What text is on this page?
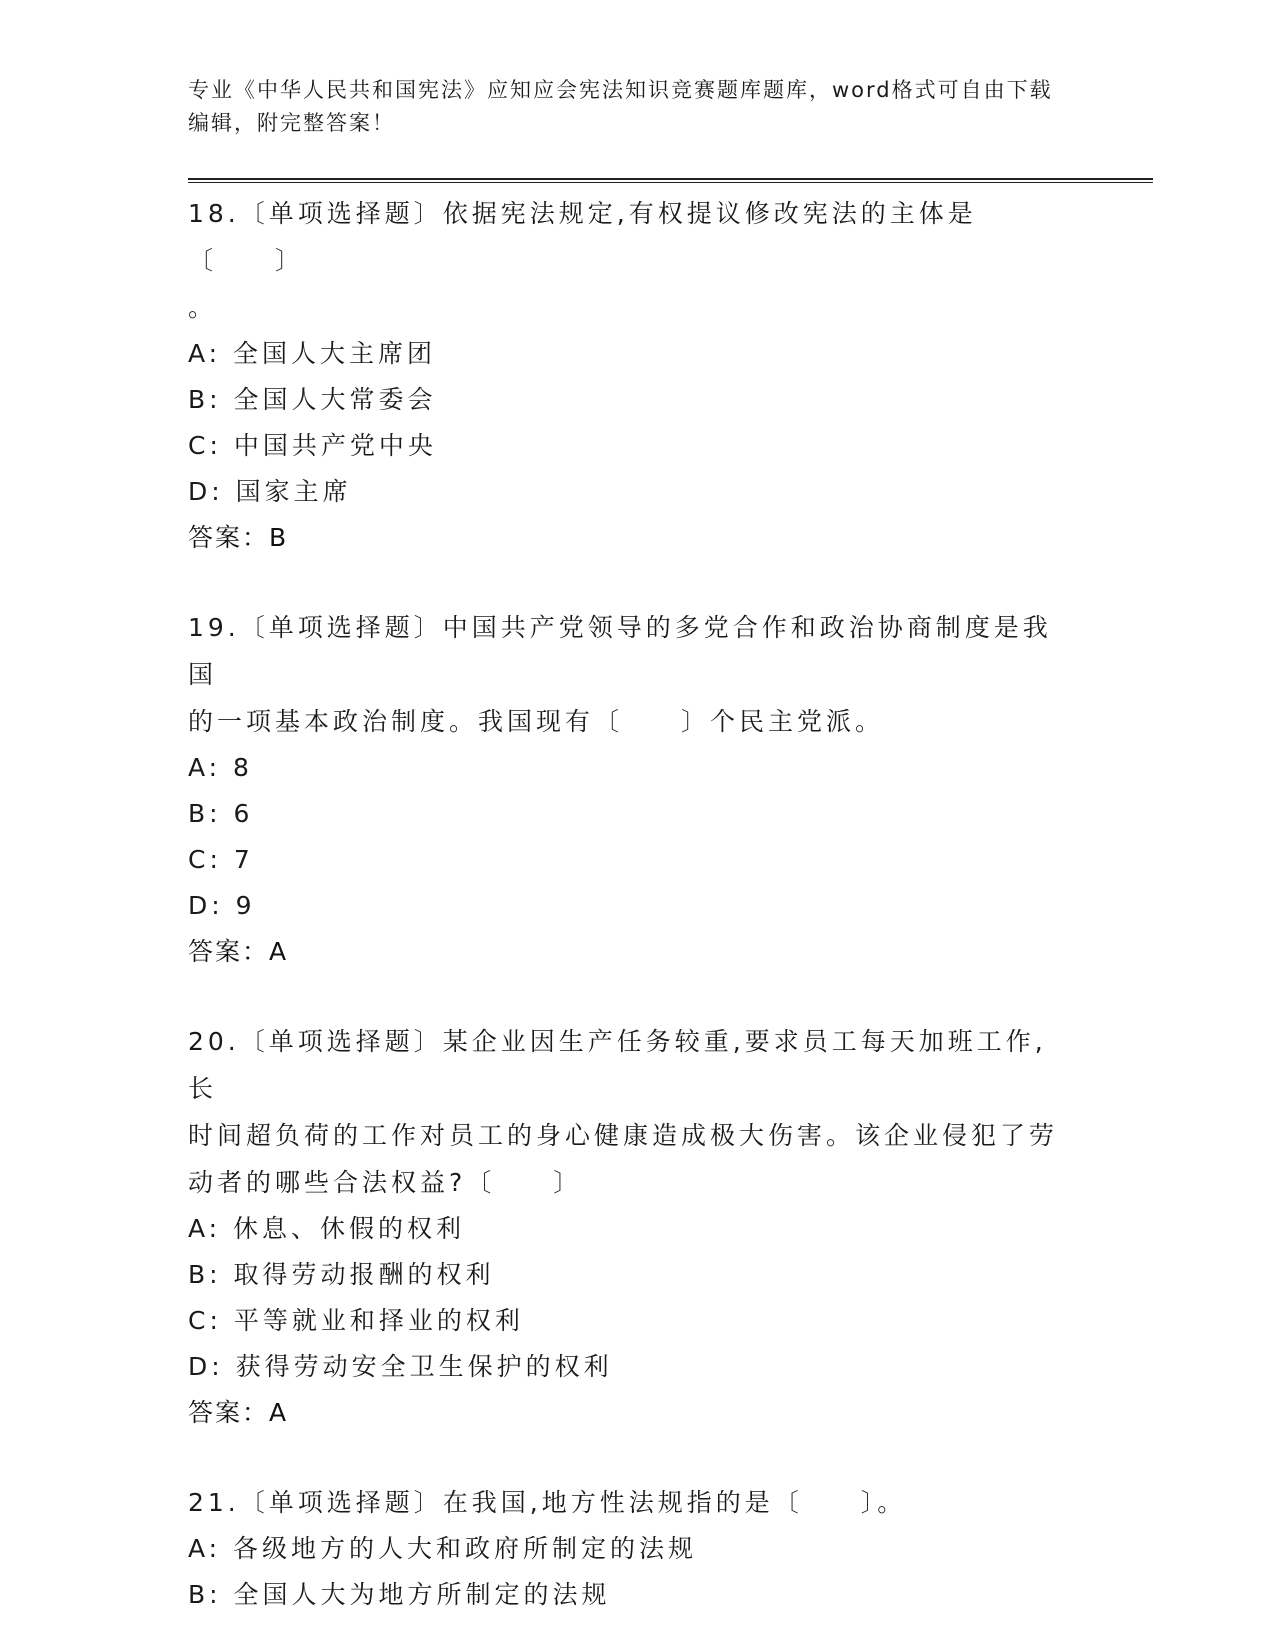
专业《中华人民共和国宪法》应知应会宪法知识竞赛题库题库，word格式可自由下载编辑，附完整答案！

18.〔单项选择题〕依据宪法规定,有权提议修改宪法的主体是〔　　〕

。

A: 全国人大主席团

B: 全国人大常委会

C: 中国共产党中央

D: 国家主席

答案：B

19.〔单项选择题〕中国共产党领导的多党合作和政治协商制度是我国

的一项基本政治制度。我国现有〔　　〕个民主党派。

A: 8

B: 6

C: 7

D: 9

答案：A

20.〔单项选择题〕某企业因生产任务较重,要求员工每天加班工作,长

时间超负荷的工作对员工的身心健康造成极大伤害。该企业侵犯了劳

动者的哪些合法权益?〔　　〕

A: 休息、休假的权利

B: 取得劳动报酬的权利

C: 平等就业和择业的权利

D: 获得劳动安全卫生保护的权利

答案：A

21.〔单项选择题〕在我国,地方性法规指的是〔　　〕。

A: 各级地方的人大和政府所制定的法规

B: 全国人大为地方所制定的法规
